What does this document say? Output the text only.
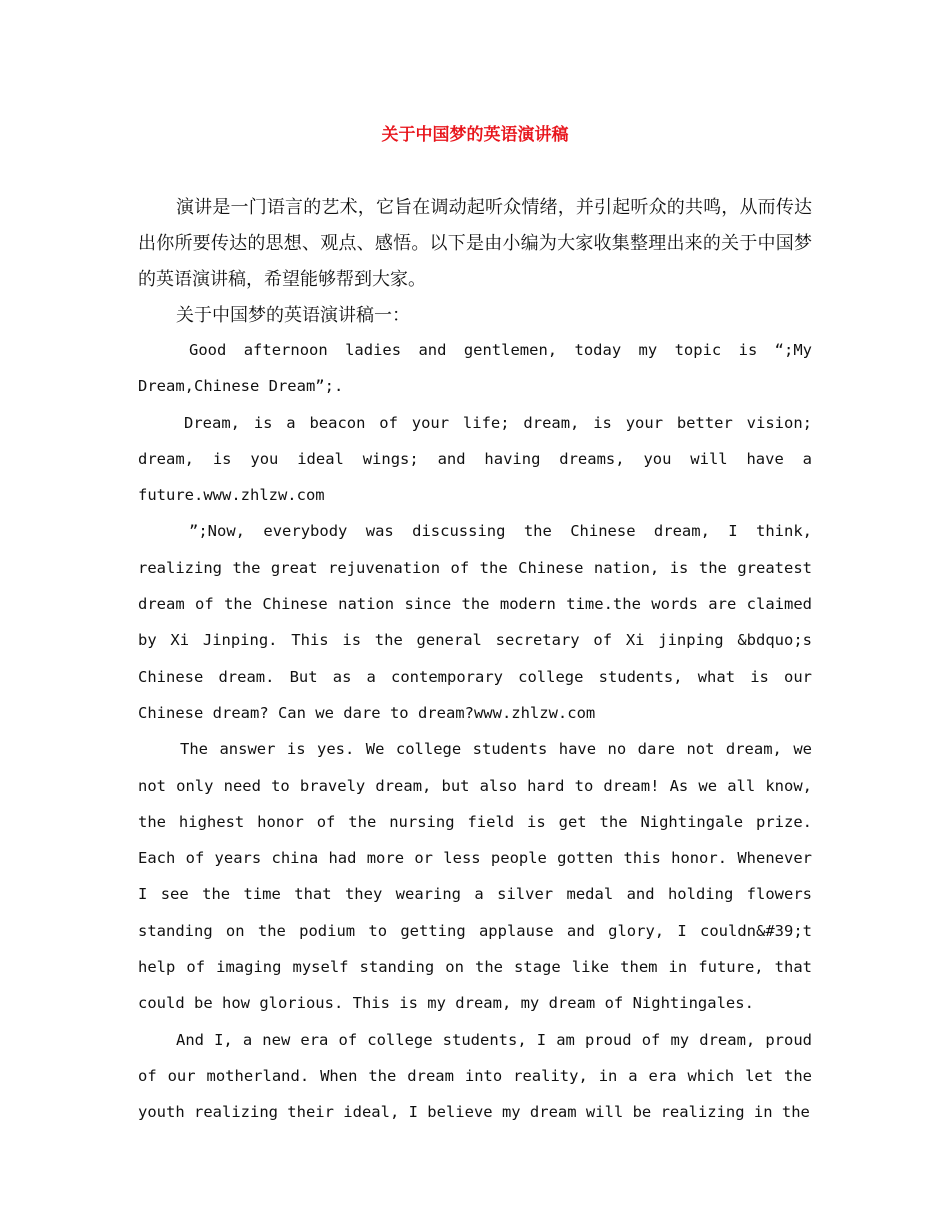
关于中国梦的英语演讲稿

演讲是一门语言的艺术，它旨在调动起听众情绪，并引起听众的共鸣，从而传达出你所要传达的思想、观点、感悟。以下是由小编为大家收集整理出来的关于中国梦的英语演讲稿，希望能够帮到大家。

关于中国梦的英语演讲稿一：

Good afternoon ladies and gentlemen, today my topic is “;My Dream,Chinese Dream”;.

Dream, is a beacon of your life; dream, is your better vision; dream, is you ideal wings; and having dreams, you will have a future.www.zhlzw.com

”;Now, everybody was discussing the Chinese dream, I think, realizing the great rejuvenation of the Chinese nation, is the greatest dream of the Chinese nation since the modern time.the words are claimed by Xi Jinping. This is the general secretary of Xi jinping &bdquo;s Chinese dream. But as a contemporary college students, what is our Chinese dream? Can we dare to dream?www.zhlzw.com

The answer is yes. We college students have no dare not dream, we not only need to bravely dream, but also hard to dream! As we all know, the highest honor of the nursing field is get the Nightingale prize. Each of years china had more or less people gotten this honor. Whenever I see the time that they wearing a silver medal and holding flowers standing on the podium to getting applause and glory, I couldn&#39;t help of imaging myself standing on the stage like them in future, that could be how glorious. This is my dream, my dream of Nightingales.

And I, a new era of college students, I am proud of my dream, proud of our motherland. When the dream into reality, in a era which let the youth realizing their ideal, I believe my dream will be realizing in the
